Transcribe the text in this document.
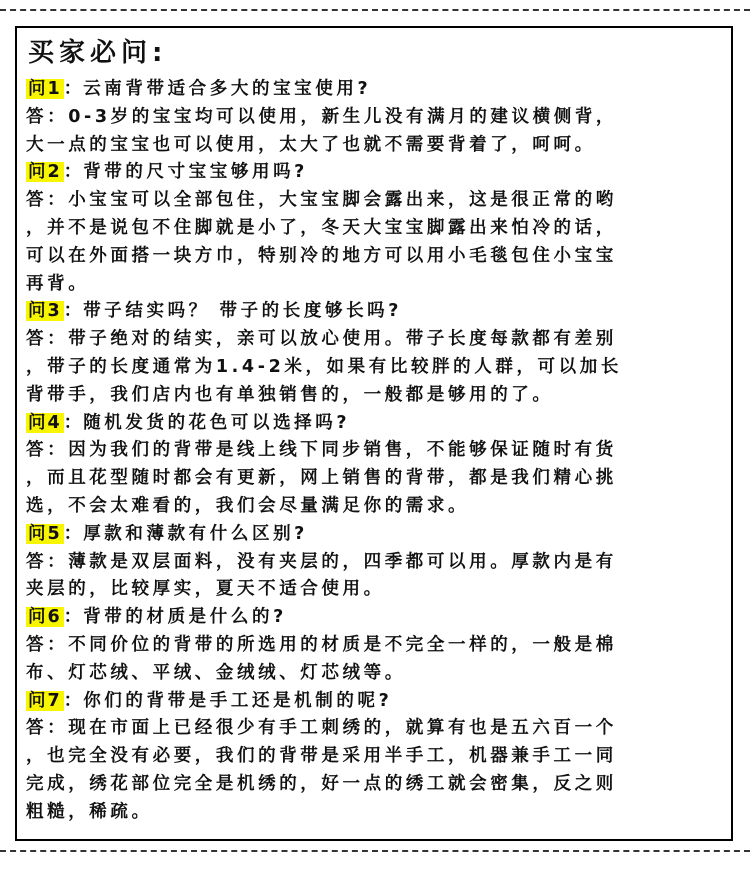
买家必问:
问1 ：云南背带适合多大的宝宝使用?
答：0-3岁的宝宝均可以使用，新生儿没有满月的建议横侧背，
大一点的宝宝也可以使用，太大了也就不需要背着了，呵呵。
问2 ：背带的尺寸宝宝够用吗?
答：小宝宝可以全部包住，大宝宝脚会露出来，这是很正常的哟
，并不是说包不住脚就是小了，冬天大宝宝脚露出来怕冷的话，
可以在外面搭一块方巾，特别冷的地方可以用小毛毯包住小宝宝
再背。
问3 ：带子结实吗？ 带子的长度够长吗?
答：带子绝对的结实，亲可以放心使用。带子长度每款都有差别
，带子的长度通常为1.4-2米，如果有比较胖的人群，可以加长
背带手，我们店内也有单独销售的，一般都是够用的了。
问4 ：随机发货的花色可以选择吗?
答：因为我们的背带是线上线下同步销售，不能够保证随时有货
，而且花型随时都会有更新，网上销售的背带，都是我们精心挑
选，不会太难看的，我们会尽量满足你的需求。
问5 ：厚款和薄款有什么区别?
答：薄款是双层面料，没有夹层的，四季都可以用。厚款内是有
夹层的，比较厚实，夏天不适合使用。
问6 ：背带的材质是什么的?
答：不同价位的背带的所选用的材质是不完全一样的，一般是棉
布、灯芯绒、平绒、金绒绒、灯芯绒等。
问7 ：你们的背带是手工还是机制的呢?
答：现在市面上已经很少有手工刺绣的，就算有也是五六百一个
，也完全没有必要，我们的背带是采用半手工，机器兼手工一同
完成，绣花部位完全是机绣的，好一点的绣工就会密集，反之则
粗糙，稀疏。
